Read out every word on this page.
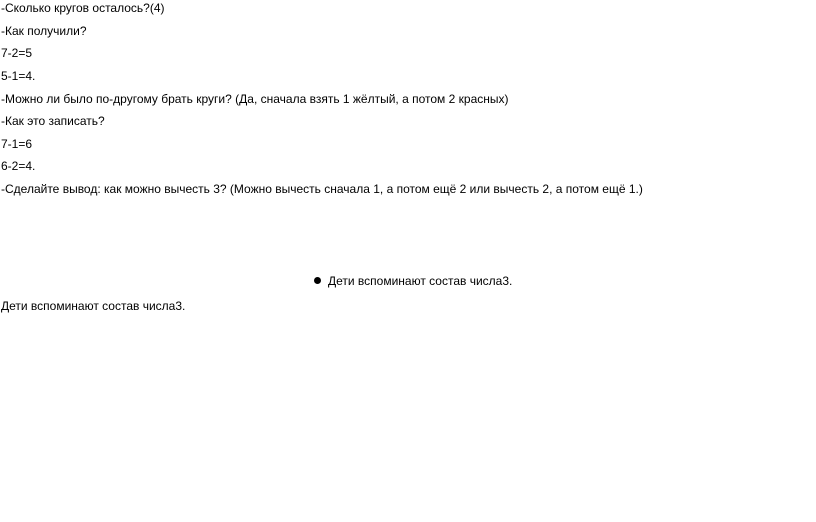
-Сколько кругов осталось?(4)
-Как получили?
7-2=5
5-1=4.
-Можно ли было по-другому брать круги? (Да, сначала взять 1 жёлтый, а потом 2 красных)
-Как это записать?
7-1=6
6-2=4.
-Сделайте вывод: как можно вычесть 3? (Можно вычесть сначала 1, а потом ещё 2 или вычесть 2, а потом ещё 1.)
Дети вспоминают состав числа3.
Дети вспоминают состав числа3.
